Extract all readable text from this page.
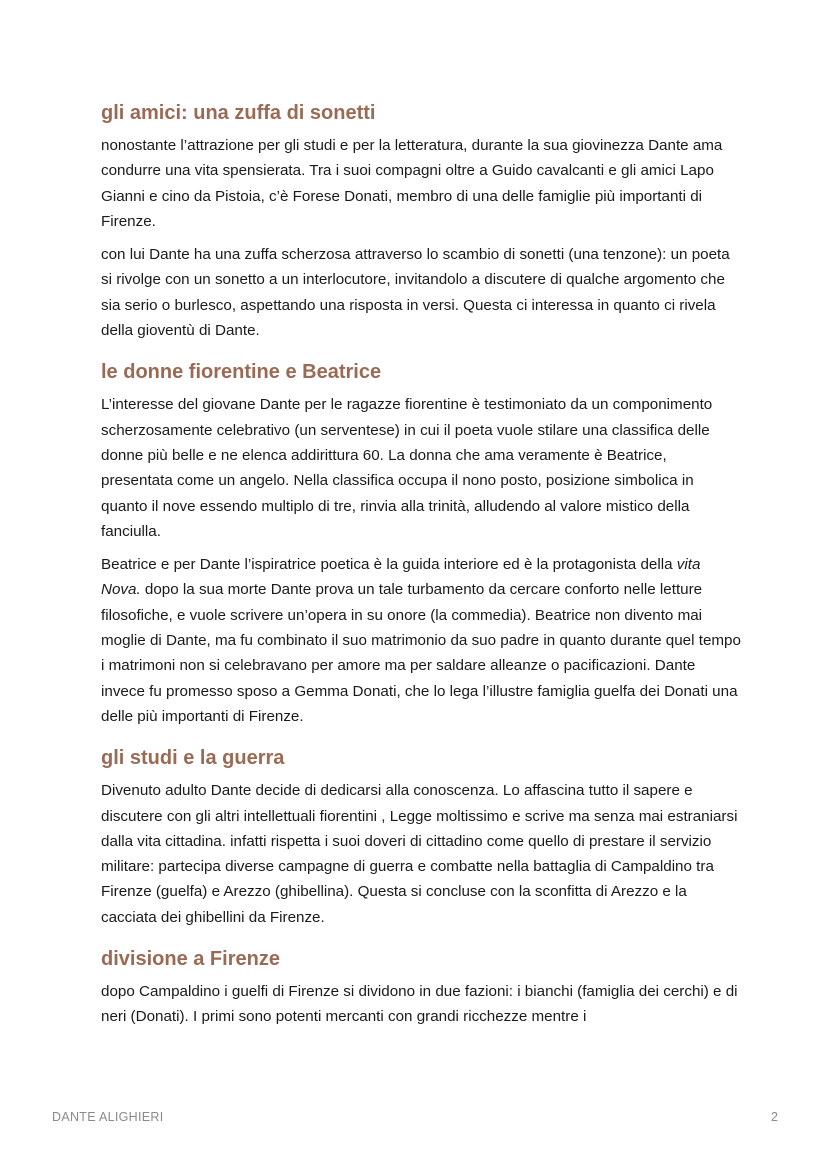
gli amici: una zuffa di sonetti

nonostante l’attrazione per gli studi e per la letteratura, durante la sua giovinezza Dante ama condurre una vita spensierata. Tra i suoi compagni oltre a Guido cavalcanti e gli amici Lapo Gianni e cino da Pistoia, c’è Forese Donati, membro di una delle famiglie più importanti di Firenze.

con lui Dante ha una zuffa scherzosa attraverso lo scambio di sonetti (una tenzone): un poeta si rivolge con un sonetto a un interlocutore, invitandolo a discutere di qualche argomento che sia serio o burlesco, aspettando una risposta in versi. Questa ci interessa in quanto ci rivela della gioventù di Dante.

le donne fiorentine e Beatrice

L’interesse del giovane Dante per le ragazze fiorentine è testimoniato da un componimento scherzosamente celebrativo (un serventese) in cui il poeta vuole stilare una classifica delle donne più belle e ne elenca addirittura 60. La donna che ama veramente è Beatrice, presentata come un angelo. Nella classifica occupa il nono posto, posizione simbolica in quanto il nove essendo multiplo di tre, rinvia alla trinità, alludendo al valore mistico della fanciulla.

Beatrice e per Dante l’ispiratrice poetica è la guida interiore ed è la protagonista della vita Nova. dopo la sua morte Dante prova un tale turbamento da cercare conforto nelle letture filosofiche, e vuole scrivere un’opera in su onore (la commedia). Beatrice non divento mai moglie di Dante, ma fu combinato il suo matrimonio da suo padre in quanto durante quel tempo i matrimoni non si celebravano per amore ma per saldare alleanze o pacificazioni. Dante invece fu promesso sposo a Gemma Donati, che lo lega l’illustre famiglia guelfa dei Donati una delle più importanti di Firenze.

gli studi e la guerra

Divenuto adulto Dante decide di dedicarsi alla conoscenza. Lo affascina tutto il sapere e discutere con gli altri intellettuali fiorentini , Legge moltissimo e scrive ma senza mai estraniarsi dalla vita cittadina. infatti rispetta i suoi doveri di cittadino come quello di prestare il servizio militare: partecipa diverse campagne di guerra e combatte nella battaglia di Campaldino tra Firenze (guelfa) e Arezzo (ghibellina). Questa si concluse con la sconfitta di Arezzo e la cacciata dei ghibellini da Firenze.

divisione a Firenze

dopo Campaldino i guelfi di Firenze si dividono in due fazioni: i bianchi (famiglia dei cerchi) e di neri (Donati). I primi sono potenti mercanti con grandi ricchezze mentre i

DANTE ALIGHIERI	2
